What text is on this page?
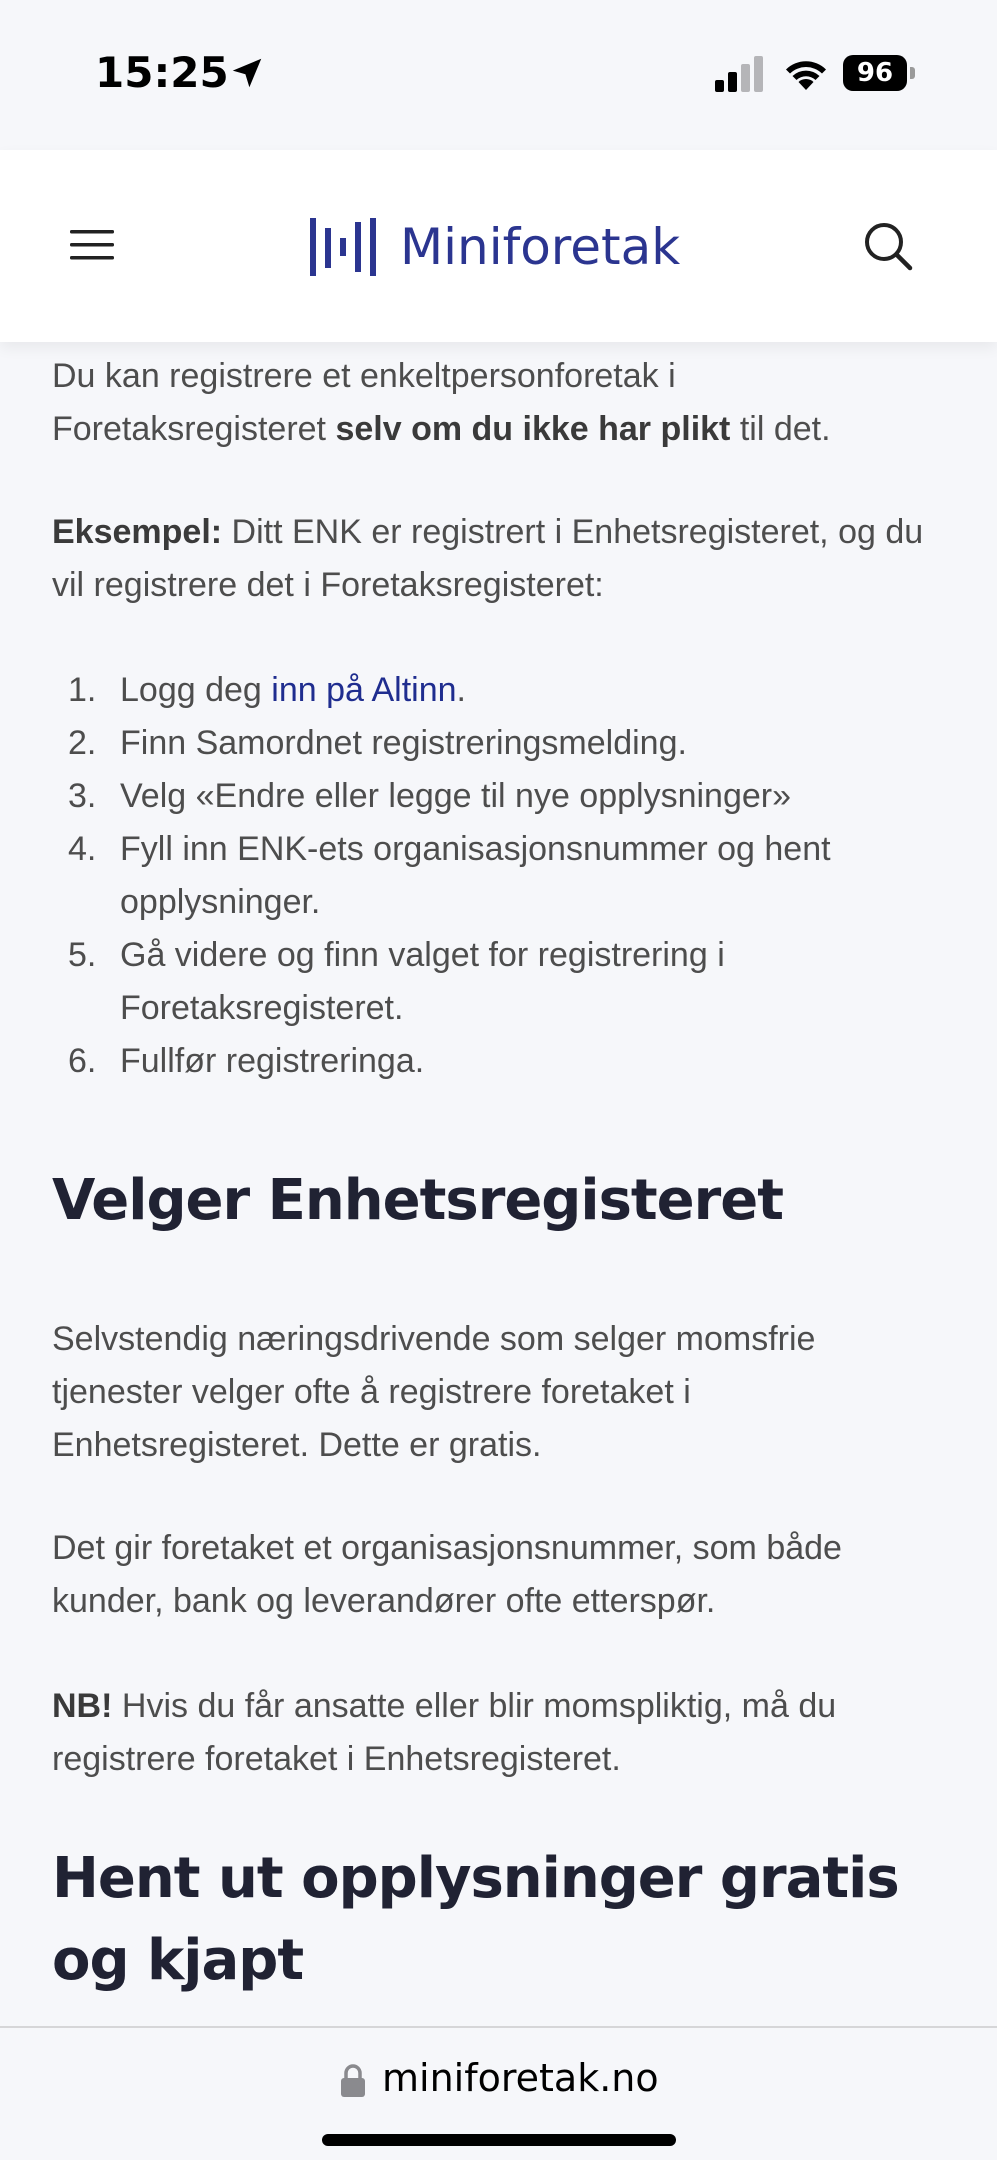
15:25	96
Miniforetak

Du kan registrere et enkeltpersonforetak i Foretaksregisteret selv om du ikke har plikt til det.

Eksempel: Ditt ENK er registrert i Enhetsregisteret, og du vil registrere det i Foretaksregisteret:

1. Logg deg inn på Altinn.
2. Finn Samordnet registreringsmelding.
3. Velg «Endre eller legge til nye opplysninger»
4. Fyll inn ENK-ets organisasjonsnummer og hent opplysninger.
5. Gå videre og finn valget for registrering i Foretaksregisteret.
6. Fullfør registreringa.
Velger Enhetsregisteret

Selvstendig næringsdrivende som selger momsfrie tjenester velger ofte å registrere foretaket i Enhetsregisteret. Dette er gratis.

Det gir foretaket et organisasjonsnummer, som både kunder, bank og leverandører ofte etterspør.

NB! Hvis du får ansatte eller blir momspliktig, må du registrere foretaket i Enhetsregisteret.

Hent ut opplysninger gratis og kjapt
miniforetak.no
